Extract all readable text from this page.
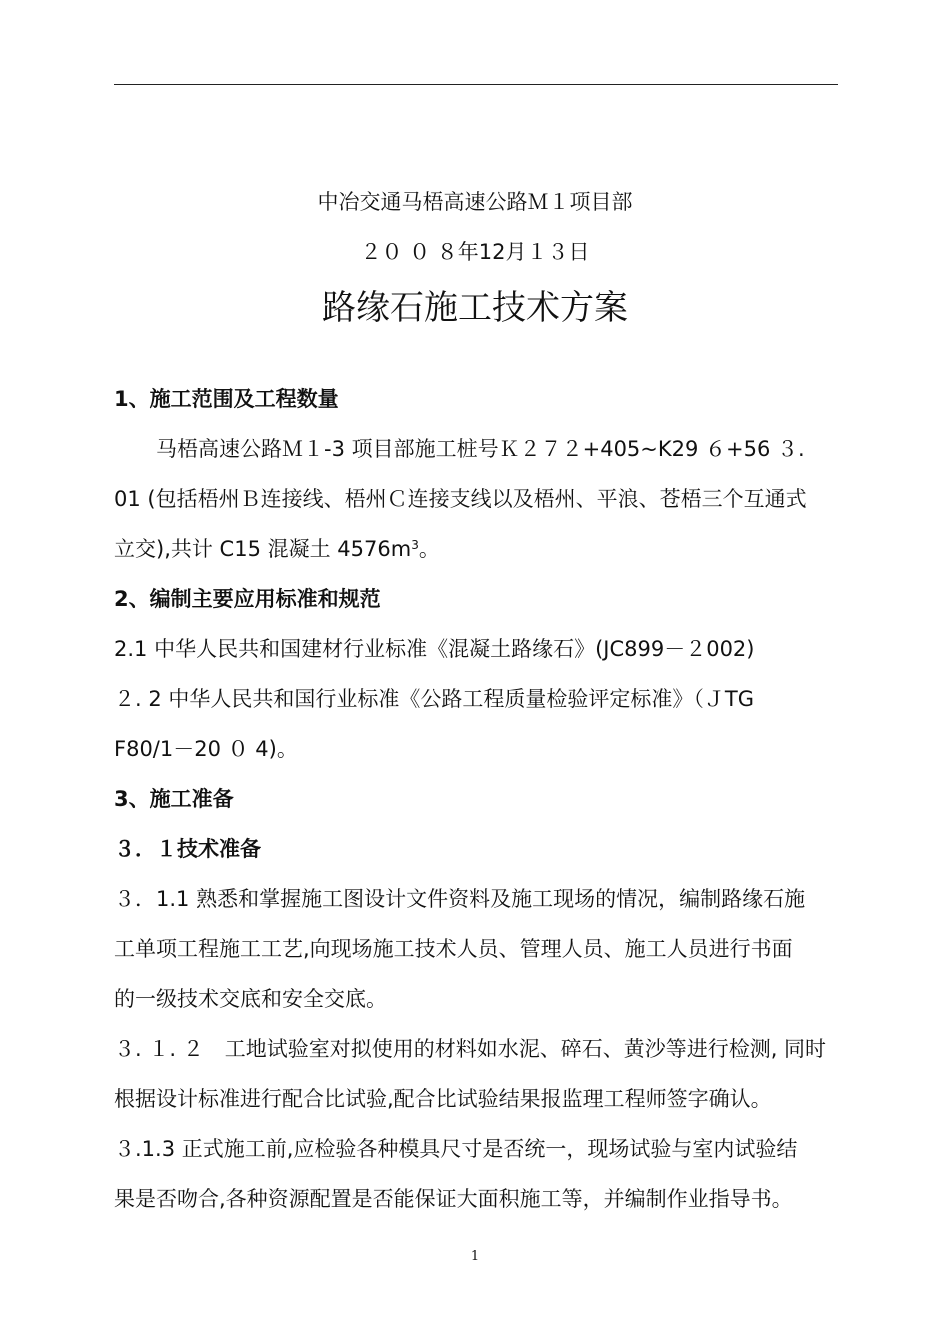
中冶交通马梧高速公路Ｍ１项目部
２０ ０ ８年12月１３日
路缘石施工技术方案
1、施工范围及工程数量
马梧高速公路Ｍ１-3 项目部施工桩号Ｋ２７２+405~K29 ６+56 ３.
01 (包括梧州Ｂ连接线、梧州Ｃ连接支线以及梧州、平浪、苍梧三个互通式
立交),共计 C15 混凝土 $4576m^3$。
2、编制主要应用标准和规范
2.1 中华人民共和国建材行业标准《混凝土路缘石》(JC899－２002)
２. 2 中华人民共和国行业标准《公路工程质量检验评定标准》（ＪTG
F80/1－20 ０ 4)。
3、施工准备
３．１技术准备
３．1.1 熟悉和掌握施工图设计文件资料及施工现场的情况，编制路缘石施
工单项工程施工工艺,向现场施工技术人员、管理人员、施工人员进行书面
的一级技术交底和安全交底。
３. １. ２　工地试验室对拟使用的材料如水泥、碎石、黄沙等进行检测, 同时
根据设计标准进行配合比试验,配合比试验结果报监理工程师签字确认。
３.1.3 正式施工前,应检验各种模具尺寸是否统一，现场试验与室内试验结
果是否吻合,各种资源配置是否能保证大面积施工等，并编制作业指导书。
1
